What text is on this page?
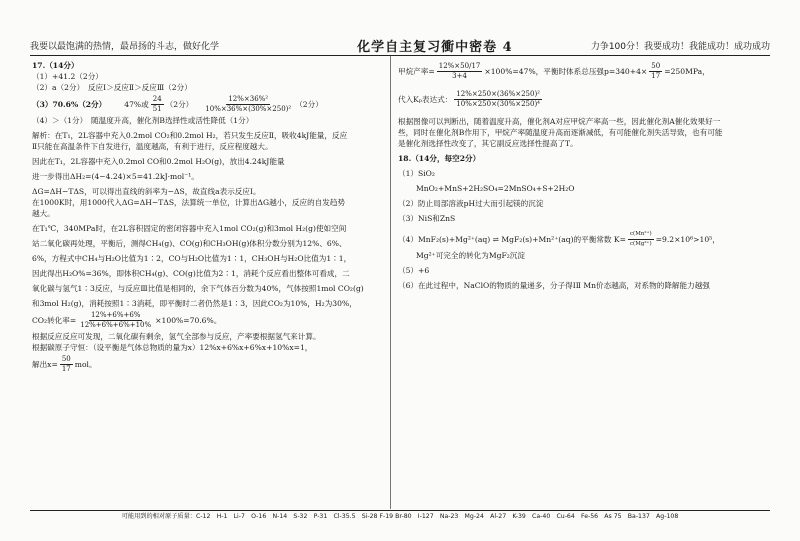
我要以最饱满的热情，最昂扬的斗志，做好化学	化学自主复习衝中密卷 4	力争100分！我要成功！我能成功！成功成功
17.（14分）
（1）+41.2（2分）
（2）a（2分）　反应Ⅰ＞反应Ⅱ＞反应Ⅲ（2分）
（3）70.6%（2分） 47%或 $\frac{24}{51} (2$分） $\frac{\text{12\%×36\%²}}{\text{10\%×36\%×(30\%×250)²}} (2$分）
（4）＞（1分）　随温度升高，催化剂B选择性或活性降低（1分）
解析：在T₁，2L容器中充入0.2mol CO₂和0.2mol H₂，若只发生反应Ⅱ，吸收4kJ能量，反应
Ⅱ只能在高温条件下自发进行，温度越高，有利于进行，反应程度越大。
因此在T₁，2L容器中充入0.2mol CO和0.2mol H₂O(g)，放出4.24kJ能量
进一步得出ΔH₂=(4−4.24)×5=41.2kJ·mol⁻¹。
ΔG=ΔH−TΔS，可以得出直线的斜率为−ΔS，故直线a表示反应Ⅰ。
在1000K时，用1000代入ΔG=ΔH−TΔS，法算统一单位，计算出ΔG越小，反应的自发趋势
越大。
在T₁℃，340MPa时，在2L容积固定的密闭容器中充入1mol CO₂(g)和3mol H₂(g)使如空间
站二氧化碳再处理，平衡后，测得CH₄(g)、CO(g)和CH₃OH(g)体积分数分别为12%、6%、
6%，方程式中CH₄与H₂O比值为1∶2，CO与H₂O比值为1∶1，CH₃OH与H₂O比值为1∶1，
因此得出H₂O%=36%，即体积CH₄(g)、CO(g)比值为2∶1，消耗个反应看出整体可看成，二
氧化碳与氢气1∶3反应，与反应Ⅲ比值是相同的，余下气体百分数为40%，气体按照1mol CO₂(g)
和3mol H₂(g)，消耗按照1∶3消耗，即平衡时二者仍然是1∶3，因此CO₂为10%，H₂为30%，
CO₂转化率= $\frac{12\%+6\%+6\%}{12\%+6\%+6\%+10\%} \times 100\%=70.6\%$。
根据反应反应可发现，二氧化碳有剩余，氢气全部参与反应，产率要根据氢气来计算。
根据碳原子守恒：（设平衡是气体总物质的量为x）12%x+6%x+6%x+10%x=1，
解出$x= \frac{50}{17}$ mol。
甲烷产率= $\frac{12\%\times 50/17}{3+4} \times 100\%=47\%$，平衡时体系总压强$p=340+4\times \frac{50}{17} =250MPa$，
代入Kₚ表达式： $\frac{\text{12\%×250×(36\%×250)²}}{\text{10\%×250×(30\%×250)⁴}}$
根据图像可以判断出，随着温度升高，催化剂A对应甲烷产率高一些，因此催化剂A催化效果好一
些，同时在催化剂B作用下，甲烷产率随温度升高而逐渐减低，有可能催化剂失活导致，也有可能
是催化剂选择性改变了，其它副反应选择性提高了T。
18.（14分，每空2分）
（1）SiO₂
MnO₂+MnS+2H₂SO₄=2MnSO₄+S+2H₂O
（2）防止局部溶液pH过大而引起镁的沉淀
（3）NiS和ZnS
（4）MnF₂(s)+Mg²⁺(aq) ⇌ MgF₂(s)+Mn²⁺(aq)的平衡常数 $K= \frac{\text{c(Mn²⁺)}}{\text{c(Mg²⁺)}} =9.2\times 10^6>10^5$，
Mg²⁺可完全的转化为MgF₂沉淀
（5）+6
（6）在此过程中，NaClO的物质的量递多，分子得IⅡ Mn价态越高，对系物的降解能力越强
可能用到的相对原子质量：C-12　H-1　Li-7　O-16　N-14　S-32　P-31　Cl-35.5　Si-28 F-19 Br-80　I-127　Na-23　Mg-24　Al-27　K-39　Ca-40　Cu-64　Fe-56　As 75　Ba-137　Ag-108
